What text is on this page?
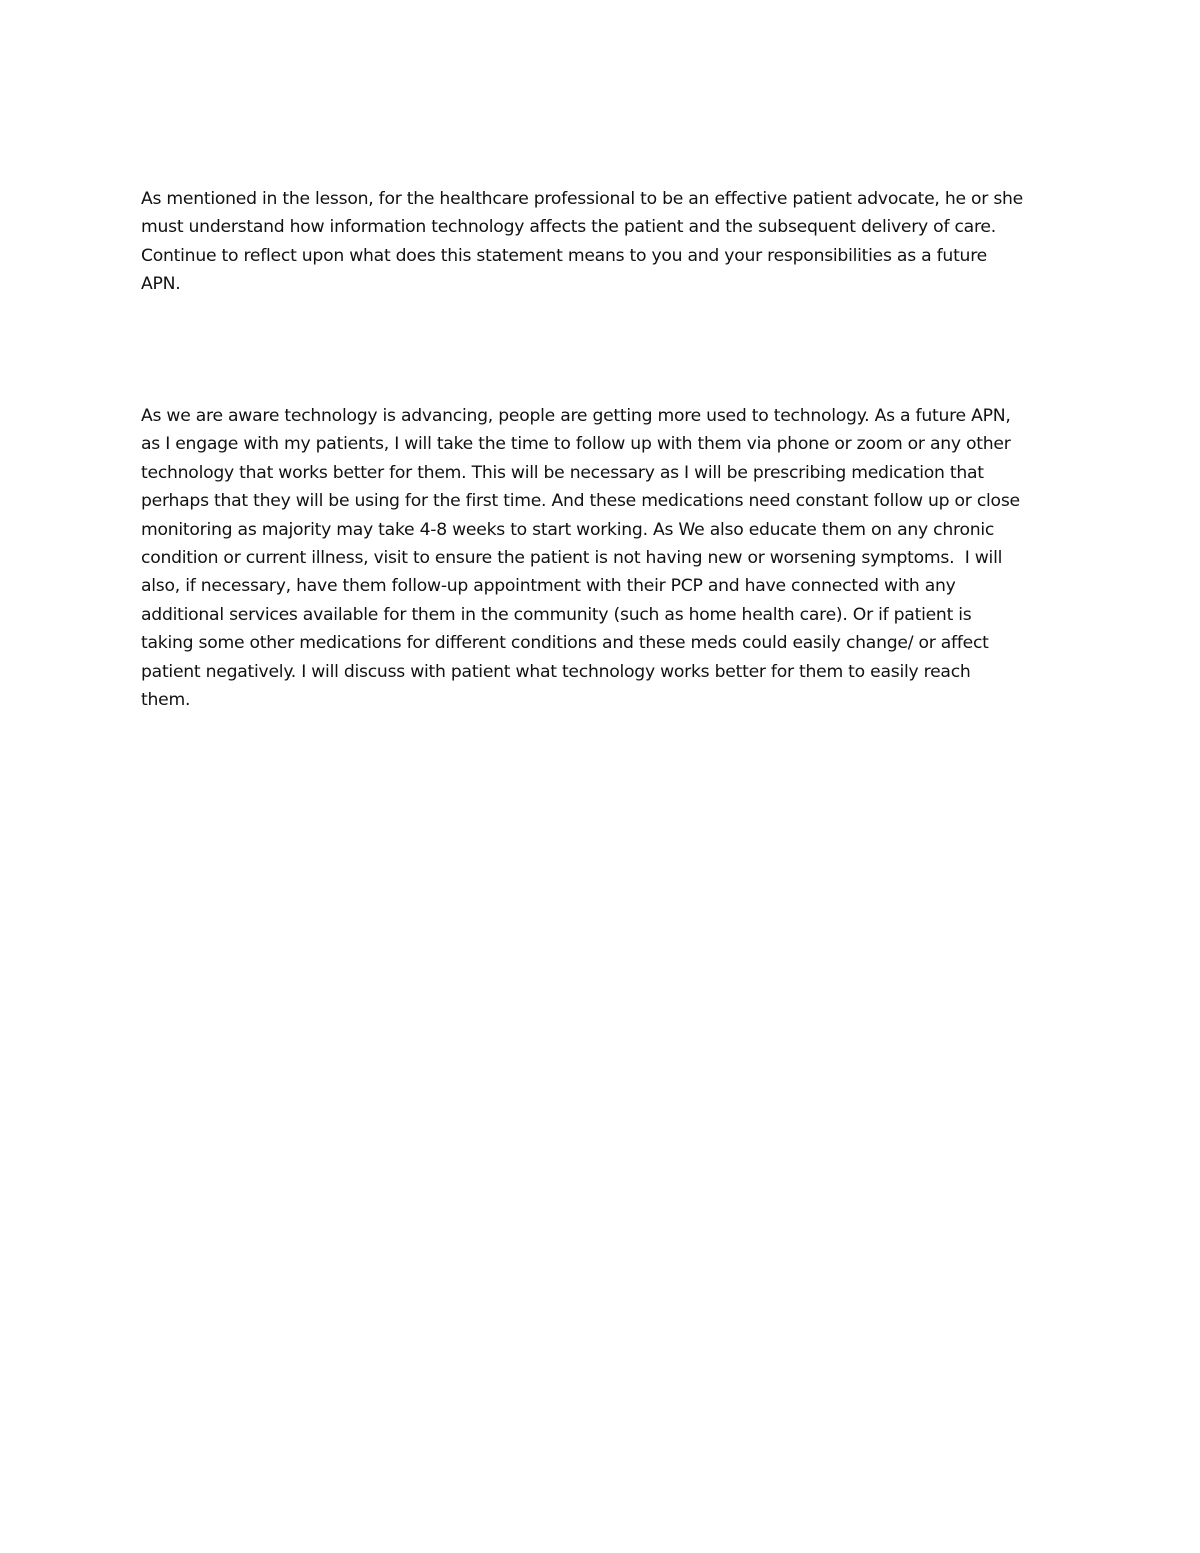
As mentioned in the lesson, for the healthcare professional to be an effective patient advocate, he or she
must understand how information technology affects the patient and the subsequent delivery of care.
Continue to reflect upon what does this statement means to you and your responsibilities as a future
APN.
As we are aware technology is advancing, people are getting more used to technology. As a future APN,
as I engage with my patients, I will take the time to follow up with them via phone or zoom or any other
technology that works better for them. This will be necessary as I will be prescribing medication that
perhaps that they will be using for the first time. And these medications need constant follow up or close
monitoring as majority may take 4-8 weeks to start working. As We also educate them on any chronic
condition or current illness, visit to ensure the patient is not having new or worsening symptoms.  I will
also, if necessary, have them follow-up appointment with their PCP and have connected with any
additional services available for them in the community (such as home health care). Or if patient is
taking some other medications for different conditions and these meds could easily change/ or affect
patient negatively. I will discuss with patient what technology works better for them to easily reach
them.
